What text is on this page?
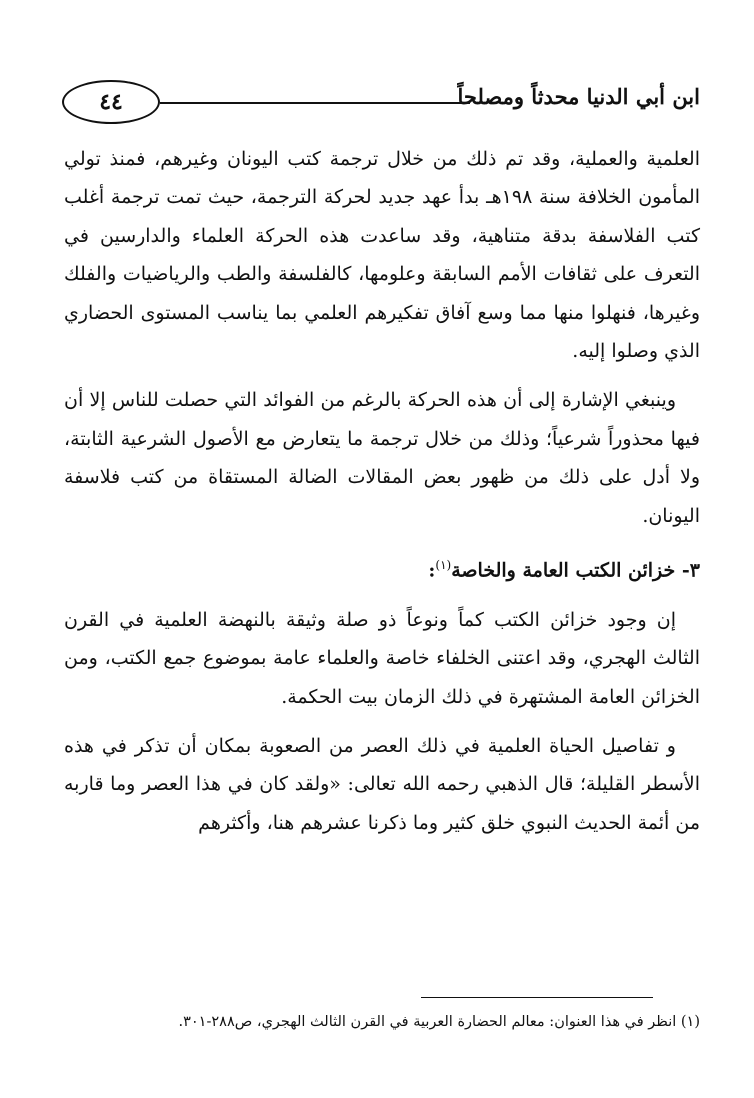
٤٤	ابن أبي الدنيا محدثاً ومصلحاً

العلمية والعملية، وقد تم ذلك من خلال ترجمة كتب اليونان وغيرهم، فمنذ تولي المأمون الخلافة سنة ١٩٨هـ بدأ عهد جديد لحركة الترجمة، حيث تمت ترجمة أغلب كتب الفلاسفة بدقة متناهية، وقد ساعدت هذه الحركة العلماء والدارسين في التعرف على ثقافات الأمم السابقة وعلومها، كالفلسفة والطب والرياضيات والفلك وغيرها، فنهلوا منها مما وسع آفاق تفكيرهم العلمي بما يناسب المستوى الحضاري الذي وصلوا إليه.

وينبغي الإشارة إلى أن هذه الحركة بالرغم من الفوائد التي حصلت للناس إلا أن فيها محذوراً شرعياً؛ وذلك من خلال ترجمة ما يتعارض مع الأصول الشرعية الثابتة، ولا أدل على ذلك من ظهور بعض المقالات الضالة المستقاة من كتب فلاسفة اليونان.

٣- خزائن الكتب العامة والخاصة$^{(١)}$:

إن وجود خزائن الكتب كماً ونوعاً ذو صلة وثيقة بالنهضة العلمية في القرن الثالث الهجري، وقد اعتنى الخلفاء خاصة والعلماء عامة بموضوع جمع الكتب، ومن الخزائن العامة المشتهرة في ذلك الزمان بيت الحكمة.

و تفاصيل الحياة العلمية في ذلك العصر من الصعوبة بمكان أن تذكر في هذه الأسطر القليلة؛ قال الذهبي رحمه الله تعالى: «ولقد كان في هذا العصر وما قاربه من أئمة الحديث النبوي خلق كثير وما ذكرنا عشرهم هنا، وأكثرهم

(١) انظر في هذا العنوان: معالم الحضارة العربية في القرن الثالث الهجري، ص٢٨٨-٣٠١.
